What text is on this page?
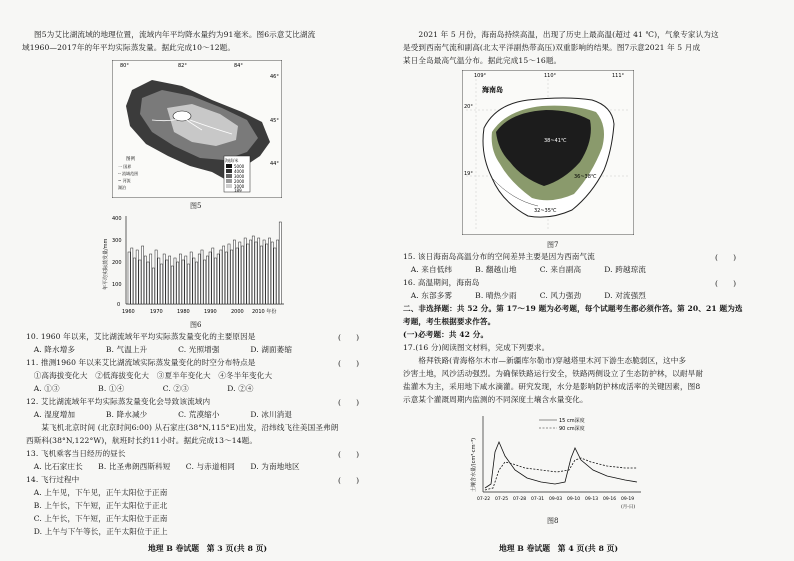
图5为艾比湖流域的地理位置，流域内年平均降水量约为91毫米。图6示意艾比湖流
域1960—2017年的年平均实际蒸发量。据此完成10～12题。
80°	82°	84°
46°
45°
44°
海拔/米
5000
4000
3000
2000
1000
189
图例
一 国界
-- 流域范围
~ 河流
湖泊
图5
年平均实际蒸发量/mm
400
300
200
100
0
1960	1970	1980	1990	2000 2010 年份
图6
10. 1960 年以来，艾比湖流域年平均实际蒸发量变化的主要原因是	(　　)
　A. 降水增多　　　　B. 气温上升　　　　C. 光照增强　　　　D. 湖面萎缩
11. 推测1960 年以来艾比湖流域实际蒸发量变化的时空分布特点是	(　　)
　①高海拔变化大　②低海拔变化大　③夏半年变化大　④冬半年变化大
　A. ①③　　　　　B. ①④　　　　　C. ②③　　　　　D. ②④
12. 艾比湖流域年平均实际蒸发量变化会导致该流域内	(　　)
　A. 湿度增加　　　　B. 降水减少　　　　C. 荒漠缩小　　　　D. 冰川消退
　　某飞机北京时间 (北京时间6:00) 从石家庄(38°N,115°E)出发，沿纬线飞往美国圣弗朗
西斯科(38°N,122°W)，航班时长约11小时。据此完成13～14题。
13. 飞机乘客当日经历的昼长	(　　)
　A. 比石家庄长　　B. 比圣弗朗西斯科短　　C. 与赤道相同　　D. 为南地地区
14. 飞行过程中	(　　)
　A. 上午见，下午见，正午太阳位于正南
　B. 上午长，下午短，正午太阳位于正北
　C. 上午长，下午短，正午太阳位于正南
　D. 上午与下午等长，正午太阳位于正上
地理 B 卷试题　第 3 页(共 8 页)
　　2021 年 5 月份，海南岛持续高温，出现了历史上最高温(超过 41 ℃)，气象专家认为这
是受到西南气流和副高(北太平洋副热带高压)双重影响的结果。图7示意2021 年 5 月成
某日全岛最高气温分布。据此完成15～16题。
109°	110°	111°
20°
19°
海南岛
38~41℃
36~38℃
32~35℃
图7
15. 该日海南岛高温分布的空间差异主要是因为西南气流	(　　)
　A. 来自低纬　　　B. 翻越山地　　　C. 来自副高　　　D. 跨越琼流
16. 高温期间，海南岛	(　　)
　A. 东部多雾　　　B. 晴热少雨　　　C. 风力强劲　　　D. 对流强烈
二、非选择题：共 52 分。第 17～19 题为必考题，每个试题考生都必须作答。第 20、21 题为选
考题，考生根据要求作答。
(一)必考题：共 42 分。
17.(16 分)阅读图文材料，完成下列要求。
　　格拜铁路(青海格尔木市—新疆库尔勒市)穿越塔里木河下游生态脆弱区，这中多
沙害土地，风沙活动强烈。为确保铁路运行安全，铁路两侧设立了生态防护林，以耐旱耐
盐灌木为主，采用地下咸水滴灌。研究发现，水分是影响防护林成活率的关键因素，图8
示意某个灌溉周期内监测的不同深度土壤含水量变化。
土壤含水量/(cm³·cm⁻³)
15 cm深度
90 cm深度
07-22 07-25 07-28 07-31 09-03 09-10 09-13 09-16 09-19
(月-日)
图8
地理 B 卷试题　第 4 页(共 8 页)
